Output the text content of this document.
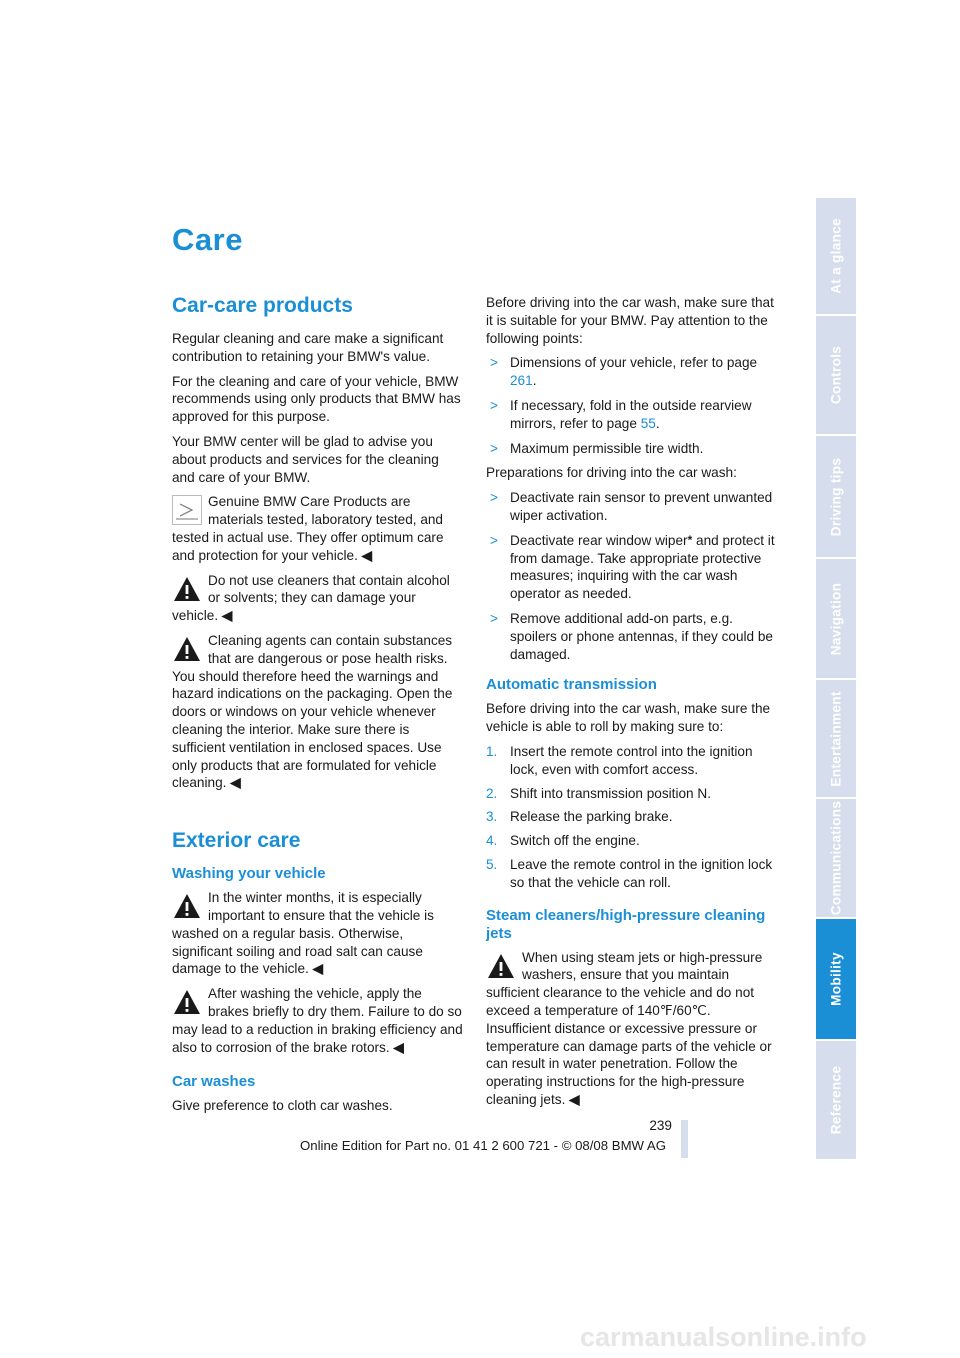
Care
Car-care products

Regular cleaning and care make a significant contribution to retaining your BMW's value.

For the cleaning and care of your vehicle, BMW recommends using only products that BMW has approved for this purpose.

Your BMW center will be glad to advise you about products and services for the cleaning and care of your BMW.

Genuine BMW Care Products are materials tested, laboratory tested, and tested in actual use. They offer optimum care and protection for your vehicle. ◀
Do not use cleaners that contain alcohol or solvents; they can damage your vehicle. ◀
Cleaning agents can contain substances that are dangerous or pose health risks. You should therefore heed the warnings and hazard indications on the packaging. Open the doors or windows on your vehicle whenever cleaning the interior. Make sure there is sufficient ventilation in enclosed spaces. Use only products that are formulated for vehicle cleaning. ◀
Exterior care
Washing your vehicle
In the winter months, it is especially important to ensure that the vehicle is washed on a regular basis. Otherwise, significant soiling and road salt can cause damage to the vehicle. ◀
After washing the vehicle, apply the brakes briefly to dry them. Failure to do so may lead to a reduction in braking efficiency and also to corrosion of the brake rotors. ◀
Car washes

Give preference to cloth car washes.

Before driving into the car wash, make sure that it is suitable for your BMW. Pay attention to the following points:

> Dimensions of your vehicle, refer to page 261.
> If necessary, fold in the outside rearview mirrors, refer to page 55.
> Maximum permissible tire width.

Preparations for driving into the car wash:

> Deactivate rain sensor to prevent unwanted wiper activation.
> Deactivate rear window wiper* and protect it from damage. Take appropriate protective measures; inquiring with the car wash operator as needed.
> Remove additional add-on parts, e.g. spoilers or phone antennas, if they could be damaged.
Automatic transmission

Before driving into the car wash, make sure the vehicle is able to roll by making sure to:

1. Insert the remote control into the ignition lock, even with comfort access.
2. Shift into transmission position N.
3. Release the parking brake.
4. Switch off the engine.
5. Leave the remote control in the ignition lock so that the vehicle can roll.
Steam cleaners/high-pressure cleaning jets
When using steam jets or high-pressure washers, ensure that you maintain sufficient clearance to the vehicle and do not exceed a temperature of 140℉/60℃.
Insufficient distance or excessive pressure or temperature can damage parts of the vehicle or can result in water penetration. Follow the operating instructions for the high-pressure cleaning jets. ◀
At a glance
Controls
Driving tips
Navigation
Entertainment
Communications
Mobility
Reference
239
Online Edition for Part no. 01 41 2 600 721 - © 08/08 BMW AG
carmanualsonline.info
